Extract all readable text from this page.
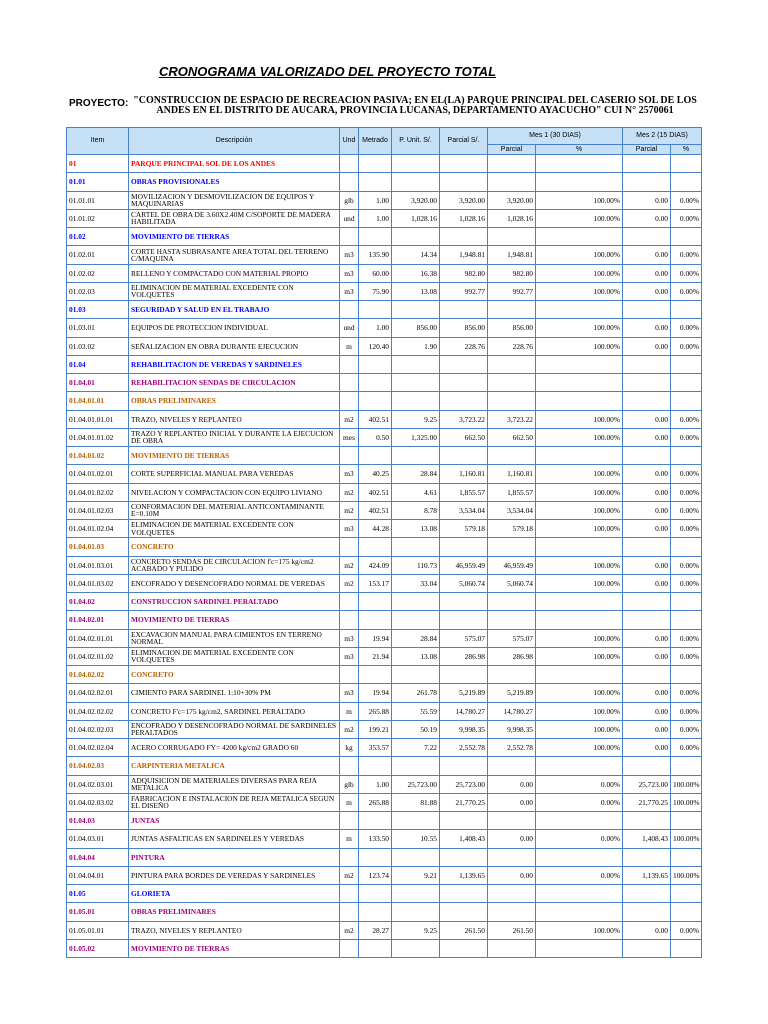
CRONOGRAMA VALORIZADO DEL PROYECTO TOTAL
PROYECTO: "CONSTRUCCION DE ESPACIO DE RECREACION PASIVA; EN EL(LA) PARQUE PRINCIPAL DEL CASERIO SOL DE LOS ANDES EN EL DISTRITO DE AUCARA, PROVINCIA LUCANAS, DEPARTAMENTO AYACUCHO" CUI N° 2570061
Item	Descripción	Und	Metrado	P. Unit. S/.	Parcial S/.	Mes 1 (30 DIAS)		Mes 2 (15 DIAS)	
						Parcial	%	Parcial	%
01	PARQUE PRINCIPAL SOL DE LOS ANDES								
01.01	OBRAS PROVISIONALES								
01.01.01	MOVILIZACION Y DESMOVILIZACION DE EQUIPOS Y MAQUINARIAS	glb	1.00	3,920.00	3,920.00	3,920.00	100.00%	0.00	0.00%
01.01.02	CARTEL DE OBRA DE 3.60X2.40M C/SOPORTE DE MADERA HABILITADA	und	1.00	1,028.16	1,028.16	1,028.16	100.00%	0.00	0.00%
01.02	MOVIMIENTO DE TIERRAS								
01.02.01	CORTE HASTA SUBRASANTE AREA TOTAL DEL TERRENO C/MAQUINA	m3	135.90	14.34	1,948.81	1,948.81	100.00%	0.00	0.00%
01.02.02	RELLENO Y COMPACTADO CON MATERIAL PROPIO	m3	60.00	16.38	982.80	982.80	100.00%	0.00	0.00%
01.02.03	ELIMINACION DE MATERIAL EXCEDENTE CON VOLQUETES	m3	75.90	13.08	992.77	992.77	100.00%	0.00	0.00%
01.03	SEGURIDAD Y SALUD EN EL TRABAJO								
01.03.01	EQUIPOS DE PROTECCION INDIVIDUAL	und	1.00	856.00	856.00	856.00	100.00%	0.00	0.00%
01.03.02	SEÑALIZACION EN OBRA DURANTE EJECUCION	m	120.40	1.90	228.76	228.76	100.00%	0.00	0.00%
01.04	REHABILITACION DE VEREDAS Y SARDINELES								
01.04.01	REHABILITACION SENDAS DE CIRCULACION								
01.04.01.01	OBRAS PRELIMINARES								
01.04.01.01.01	TRAZO, NIVELES Y REPLANTEO	m2	402.51	9.25	3,723.22	3,723.22	100.00%	0.00	0.00%
01.04.01.01.02	TRAZO Y REPLANTEO INICIAL Y DURANTE LA EJECUCION DE OBRA	mes	0.50	1,325.00	662.50	662.50	100.00%	0.00	0.00%
01.04.01.02	MOVIMIENTO DE TIERRAS								
01.04.01.02.01	CORTE SUPERFICIAL MANUAL PARA VEREDAS	m3	40.25	28.84	1,160.81	1,160.81	100.00%	0.00	0.00%
01.04.01.02.02	NIVELACION Y COMPACTACION CON EQUIPO LIVIANO	m2	402.51	4.61	1,855.57	1,855.57	100.00%	0.00	0.00%
01.04.01.02.03	CONFORMACION DEL MATERIAL ANTICONTAMINANTE E=0.10M	m2	402.51	8.78	3,534.04	3,534.04	100.00%	0.00	0.00%
01.04.01.02.04	ELIMINACION DE MATERIAL EXCEDENTE CON VOLQUETES	m3	44.28	13.08	579.18	579.18	100.00%	0.00	0.00%
01.04.01.03	CONCRETO								
01.04.01.03.01	CONCRETO SENDAS DE CIRCULACION f'c=175 kg/cm2 ACABADO Y PULIDO	m2	424.09	110.73	46,959.49	46,959.49	100.00%	0.00	0.00%
01.04.01.03.02	ENCOFRADO Y DESENCOFRADO NORMAL DE VEREDAS	m2	153.17	33.04	5,060.74	5,060.74	100.00%	0.00	0.00%
01.04.02	CONSTRUCCION SARDINEL PERALTADO								
01.04.02.01	MOVIMIENTO DE TIERRAS								
01.04.02.01.01	EXCAVACION MANUAL PARA CIMIENTOS EN TERRENO NORMAL	m3	19.94	28.84	575.07	575.07	100.00%	0.00	0.00%
01.04.02.01.02	ELIMINACION DE MATERIAL EXCEDENTE CON VOLQUETES	m3	21.94	13.08	286.98	286.98	100.00%	0.00	0.00%
01.04.02.02	CONCRETO								
01.04.02.02.01	CIMIENTO PARA SARDINEL 1:10+30% PM	m3	19.94	261.78	5,219.89	5,219.89	100.00%	0.00	0.00%
01.04.02.02.02	CONCRETO F'c=175 kg/cm2, SARDINEL PERALTADO	m	265.88	55.59	14,780.27	14,780.27	100.00%	0.00	0.00%
01.04.02.02.03	ENCOFRADO Y DESENCOFRADO NORMAL DE SARDINELES PERALTADOS	m2	199.21	50.19	9,998.35	9,998.35	100.00%	0.00	0.00%
01.04.02.02.04	ACERO CORRUGADO FY= 4200 kg/cm2 GRADO 60	kg	353.57	7.22	2,552.78	2,552.78	100.00%	0.00	0.00%
01.04.02.03	CARPINTERIA METALICA								
01.04.02.03.01	ADQUISICION DE MATERIALES DIVERSAS PARA REJA METALICA	glb	1.00	25,723.00	25,723.00	0.00	0.00%	25,723.00	100.00%
01.04.02.03.02	FABRICACION E INSTALACION DE REJA METALICA SEGUN EL DISEÑO	m	265.88	81.88	21,770.25	0.00	0.00%	21,770.25	100.00%
01.04.03	JUNTAS								
01.04.03.01	JUNTAS ASFALTICAS EN SARDINELES Y VEREDAS	m	133.50	10.55	1,408.43	0.00	0.00%	1,408.43	100.00%
01.04.04	PINTURA								
01.04.04.01	PINTURA PARA BORDES DE VEREDAS Y SARDINELES	m2	123.74	9.21	1,139.65	0.00	0.00%	1,139.65	100.00%
01.05	GLORIETA								
01.05.01	OBRAS PRELIMINARES								
01.05.01.01	TRAZO, NIVELES Y REPLANTEO	m2	28.27	9.25	261.50	261.50	100.00%	0.00	0.00%
01.05.02	MOVIMIENTO DE TIERRAS								
